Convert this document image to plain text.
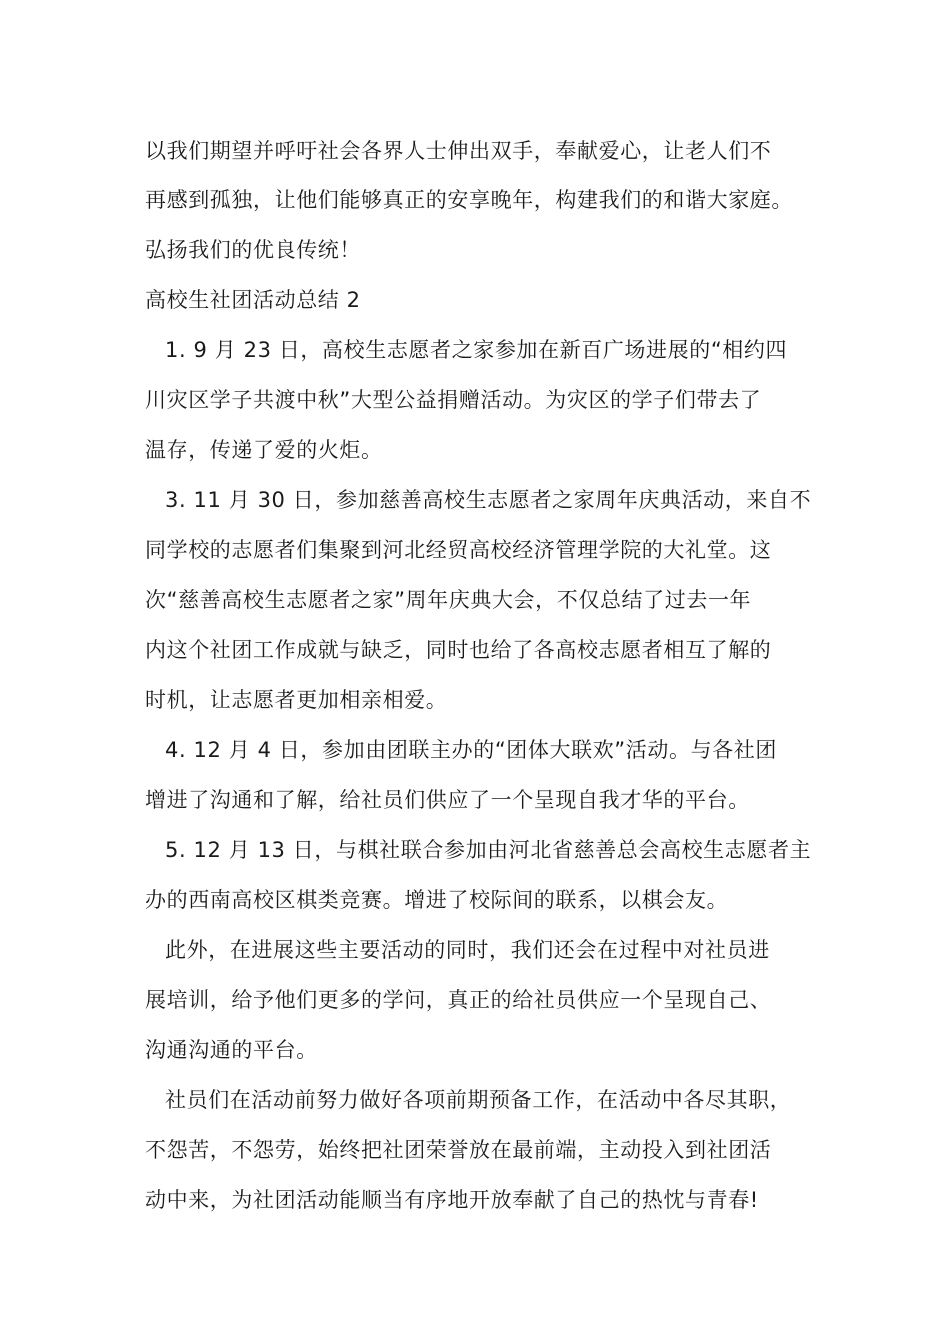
以我们期望并呼吁社会各界人士伸出双手，奉献爱心，让老人们不
再感到孤独，让他们能够真正的安享晚年，构建我们的和谐大家庭。
弘扬我们的优良传统！
高校生社团活动总结 2
1. 9 月 23 日，高校生志愿者之家参加在新百广场进展的“相约四
川灾区学子共渡中秋”大型公益捐赠活动。为灾区的学子们带去了
温存，传递了爱的火炬。
3. 11 月 30 日，参加慈善高校生志愿者之家周年庆典活动，来自不
同学校的志愿者们集聚到河北经贸高校经济管理学院的大礼堂。这
次“慈善高校生志愿者之家”周年庆典大会，不仅总结了过去一年
内这个社团工作成就与缺乏，同时也给了各高校志愿者相互了解的
时机，让志愿者更加相亲相爱。
4. 12 月 4 日，参加由团联主办的“团体大联欢”活动。与各社团
增进了沟通和了解，给社员们供应了一个呈现自我才华的平台。
5. 12 月 13 日，与棋社联合参加由河北省慈善总会高校生志愿者主
办的西南高校区棋类竞赛。增进了校际间的联系，以棋会友。
此外，在进展这些主要活动的同时，我们还会在过程中对社员进
展培训，给予他们更多的学问，真正的给社员供应一个呈现自己、
沟通沟通的平台。
社员们在活动前努力做好各项前期预备工作，在活动中各尽其职，
不怨苦，不怨劳，始终把社团荣誉放在最前端，主动投入到社团活
动中来，为社团活动能顺当有序地开放奉献了自己的热忱与青春!
